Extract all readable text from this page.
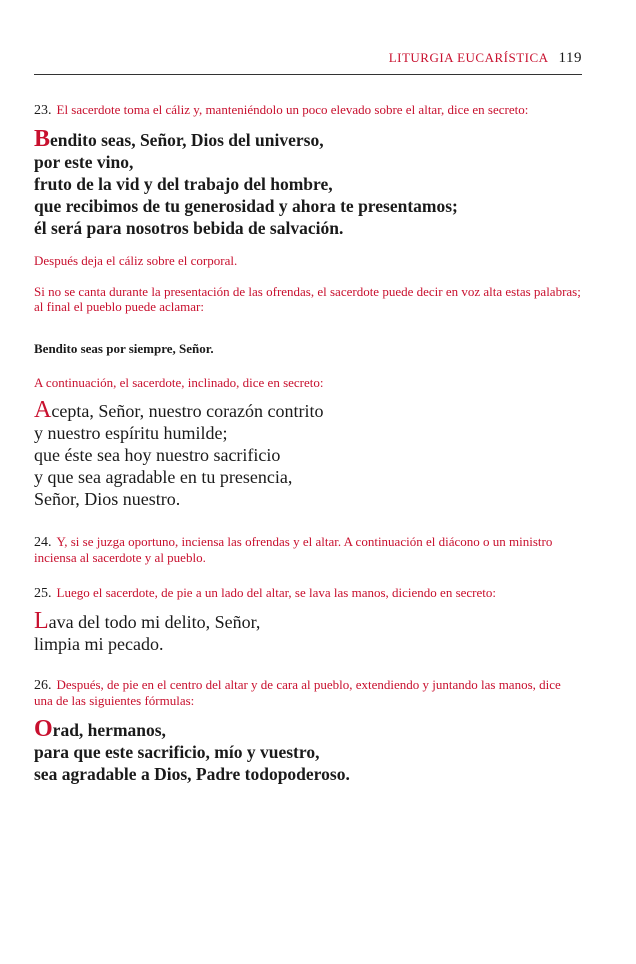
LITURGIA EUCARÍSTICA 119

23. El sacerdote toma el cáliz y, manteniéndolo un poco elevado sobre el altar, dice en secreto:

Bendito seas, Señor, Dios del universo,
por este vino,
fruto de la vid y del trabajo del hombre,
que recibimos de tu generosidad y ahora te presentamos;
él será para nosotros bebida de salvación.

Después deja el cáliz sobre el corporal.

Si no se canta durante la presentación de las ofrendas, el sacerdote puede decir en voz alta estas palabras; al final el pueblo puede aclamar:

Bendito seas por siempre, Señor.

A continuación, el sacerdote, inclinado, dice en secreto:

Acepta, Señor, nuestro corazón contrito
y nuestro espíritu humilde;
que éste sea hoy nuestro sacrificio
y que sea agradable en tu presencia,
Señor, Dios nuestro.

24. Y, si se juzga oportuno, inciensa las ofrendas y el altar. A continuación el diácono o un ministro inciensa al sacerdote y al pueblo.

25. Luego el sacerdote, de pie a un lado del altar, se lava las manos, diciendo en secreto:

Lava del todo mi delito, Señor,
limpia mi pecado.

26. Después, de pie en el centro del altar y de cara al pueblo, extendiendo y juntando las manos, dice una de las siguientes fórmulas:

Orad, hermanos,
para que este sacrificio, mío y vuestro,
sea agradable a Dios, Padre todopoderoso.
